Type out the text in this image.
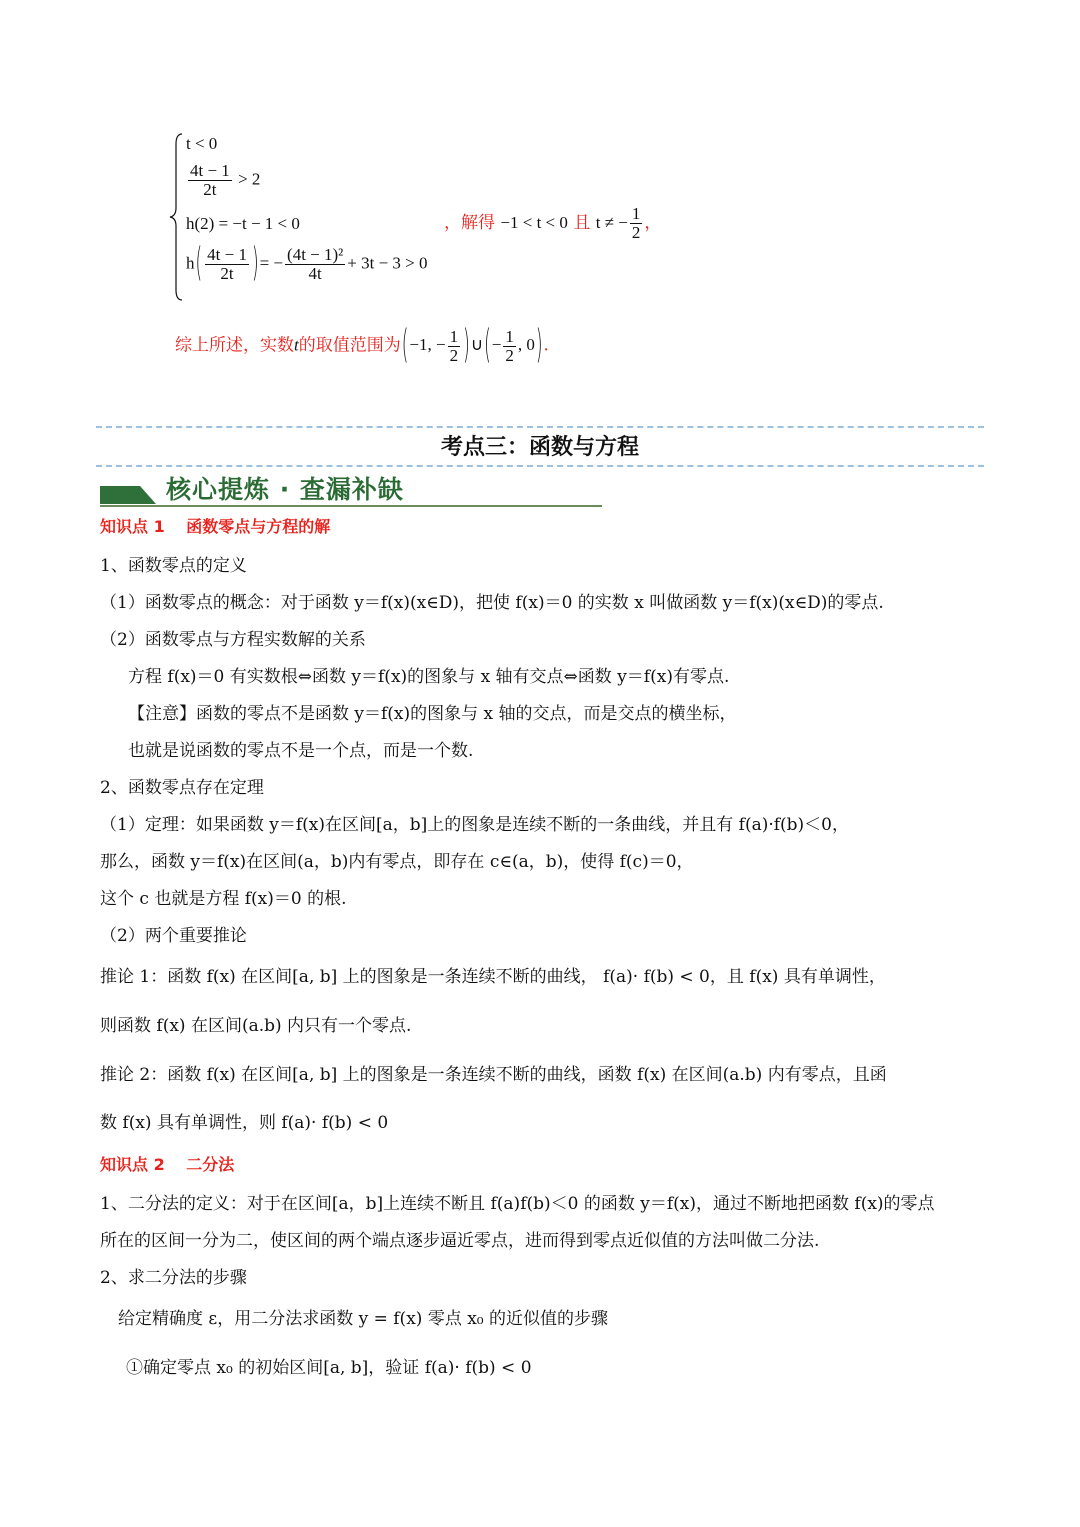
t < 0
$\frac{4t - 1}{2t} > 2$
h(2) = −t − 1 < 0
$h( \frac{4t - 1}{2t}$ )= − $\frac{\text{(4t − 1)²}}{4t} + 3t - 3 > 0$
，解得 −1 < t < 0 且 t ≠ − $\frac{1}{2}$ ，
综上所述，实数t的取值范围为(−1, − $\frac{1}{2}$ )∪(− $\frac{1}{2}$ , 0).
考点三：函数与方程
核心提炼 · 查漏补缺
知识点 1　 函数零点与方程的解
1、函数零点的定义
（1）函数零点的概念：对于函数 y＝f(x)(x∈D)，把使 f(x)＝0 的实数 x 叫做函数 y＝f(x)(x∈D)的零点.
（2）函数零点与方程实数解的关系
方程 f(x)＝0 有实数根⇔函数 y＝f(x)的图象与 x 轴有交点⇔函数 y＝f(x)有零点.
【注意】函数的零点不是函数 y＝f(x)的图象与 x 轴的交点，而是交点的横坐标，
也就是说函数的零点不是一个点，而是一个数.
2、函数零点存在定理
（1）定理：如果函数 y＝f(x)在区间[a，b]上的图象是连续不断的一条曲线，并且有 f(a)·f(b)＜0，
那么，函数 y＝f(x)在区间(a，b)内有零点，即存在 c∈(a，b)，使得 f(c)＝0，
这个 c 也就是方程 f(x)＝0 的根.
（2）两个重要推论
推论 1：函数 f(x) 在区间[a, b] 上的图象是一条连续不断的曲线， f(a)· f(b) < 0，且 f(x) 具有单调性，
则函数 f(x) 在区间(a.b) 内只有一个零点.
推论 2：函数 f(x) 在区间[a, b] 上的图象是一条连续不断的曲线，函数 f(x) 在区间(a.b) 内有零点，且函
数 f(x) 具有单调性，则 f(a)· f(b) < 0
知识点 2　 二分法
1、二分法的定义：对于在区间[a，b]上连续不断且 f(a)f(b)＜0 的函数 y＝f(x)，通过不断地把函数 f(x)的零点
所在的区间一分为二，使区间的两个端点逐步逼近零点，进而得到零点近似值的方法叫做二分法.
2、求二分法的步骤
给定精确度 ε，用二分法求函数 y = f(x) 零点 x₀ 的近似值的步骤
①确定零点 x₀ 的初始区间[a, b]，验证 f(a)· f(b) < 0
